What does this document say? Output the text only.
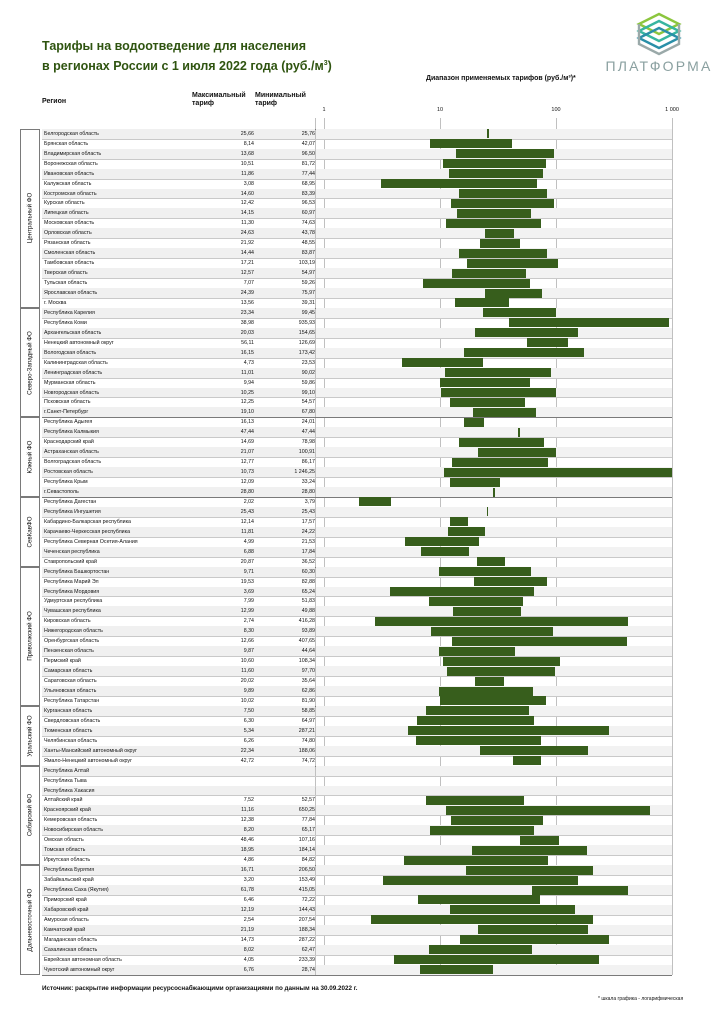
Тарифы на водоотведение для населения
в регионах России с 1 июля 2022 года $(руб./м^3)$	ПЛАТФОРМА
Диапазон применяемых тарифов (руб./м³)*
Регион
Максимальный тариф
Минимальный тариф
1	10	100	1 000
Центральный ФО
Белгородская область	25,66	25,76
Брянская область	8,14	42,07
Владимирская область	13,68	96,50
Воронежская область	10,51	81,72
Ивановская область	11,86	77,44
Калужская область	3,08	68,95
Костромская область	14,60	83,39
Курская область	12,42	96,53
Липецкая область	14,15	60,97
Московская область	11,30	74,63
Орловская область	24,63	43,78
Рязанская область	21,92	48,55
Смоленская область	14,44	83,87
Тамбовская область	17,21	103,19
Тверская область	12,57	54,97
Тульская область	7,07	59,26
Ярославская область	24,39	75,97
г. Москва	13,56	39,31
Северо-Западный ФО
Республика Карелия	23,34	99,45
Республика Коми	38,98	935,93
Архангельская область	20,03	154,65
Ненецкий автономный округ	56,11	126,69
Вологодская область	16,15	173,42
Калининградская область	4,73	23,53
Ленинградская область	11,01	90,02
Мурманская область	9,94	59,86
Новгородская область	10,25	99,10
Псковская область	12,25	54,57
г.Санкт-Петербург	19,10	67,80
Южный ФО
Республика Адыгея	16,13	24,01
Республика Калмыкия	47,44	47,44
Краснодарский край	14,69	78,98
Астраханская область	21,07	100,91
Волгоградская область	12,77	86,17
Ростовская область	10,73	1 246,25
Республика Крым	12,09	33,24
г.Севастополь	28,80	28,80
СевКавФО
Республика Дагестан	2,02	3,79
Республика Ингушетия	25,43	25,43
Кабардино-Балкарская республика	12,14	17,57
Карачаево-Черкесская республика	11,81	24,22
Республика Северная Осетия-Алания	4,99	21,53
Чеченская республика	6,88	17,84
Ставропольский край	20,87	36,52
Приволжский ФО
Республика Башкортостан	9,71	60,30
Республика Марий Эл	19,53	82,88
Республика Мордовия	3,69	65,24
Удмуртская республика	7,99	51,83
Чувашская республика	12,99	49,88
Кировская область	2,74	416,28
Нижегородская область	8,30	93,89
Оренбургская область	12,66	407,65
Пензенская область	9,87	44,64
Пермский край	10,60	108,34
Самарская область	11,60	97,70
Саратовская область	20,02	35,64
Ульяновская область	9,89	62,86
Республика Татарстан	10,02	81,90
Уральский ФО
Курганская область	7,50	58,85
Свердловская область	6,30	64,97
Тюменская область	5,34	287,21
Челябинская область	6,26	74,80
Ханты-Мансийский автономный округ	22,34	188,06
Ямало-Ненецкий автономный округ	42,72	74,72
Сибирский ФО
Республика Алтай
Республика Тыва
Республика Хакасия
Алтайский край	7,52	52,57
Красноярский край	11,16	650,25
Кемеровская область	12,38	77,84
Новосибирская область	8,20	65,17
Омская область	48,46	107,16
Томская область	18,95	184,14
Иркутская область	4,86	84,82
Дальневосточный ФО
Республика Бурятия	16,71	206,50
Забайкальский край	3,20	153,49
Республика Саха (Якутия)	61,78	415,05
Приморский край	6,46	72,22
Хабаровский край	12,19	144,43
Амурская область	2,54	207,54
Камчатский край	21,19	188,34
Магаданская область	14,73	287,22
Сахалинская область	8,02	62,47
Еврейская автономная область	4,05	233,39
Чукотский автономный округ	6,76	28,74
Источник: раскрытие информации ресурсоснабжающими организациями по данным на 30.09.2022 г.
* шкала графика - логарифмическая
